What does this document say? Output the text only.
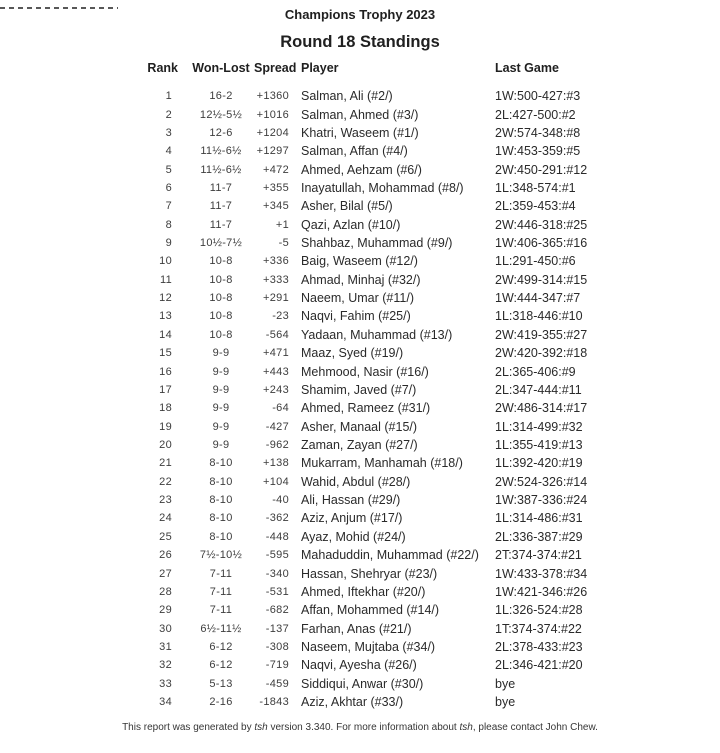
Champions Trophy 2023
Round 18 Standings
Rank	Won-Lost Spread Player	Last Game
1	16-2	+1360 Salman, Ali (#2/)	1W:500-427:#3
2	12½-5½	+1016 Salman, Ahmed (#3/)	2L:427-500:#2
3	12-6	+1204 Khatri, Waseem (#1/)	2W:574-348:#8
4	11½-6½	+1297 Salman, Affan (#4/)	1W:453-359:#5
5	11½-6½	+472 Ahmed, Aehzam (#6/)	2W:450-291:#12
6	11-7	+355 Inayatullah, Mohammad (#8/)	1L:348-574:#1
7	11-7	+345 Asher, Bilal (#5/)	2L:359-453:#4
8	11-7	+1 Qazi, Azlan (#10/)	2W:446-318:#25
9	10½-7½	-5 Shahbaz, Muhammad (#9/)	1W:406-365:#16
10	10-8	+336 Baig, Waseem (#12/)	1L:291-450:#6
11	10-8	+333 Ahmad, Minhaj (#32/)	2W:499-314:#15
12	10-8	+291 Naeem, Umar (#11/)	1W:444-347:#7
13	10-8	-23 Naqvi, Fahim (#25/)	1L:318-446:#10
14	10-8	-564 Yadaan, Muhammad (#13/)	2W:419-355:#27
15	9-9	+471 Maaz, Syed (#19/)	2W:420-392:#18
16	9-9	+443 Mehmood, Nasir (#16/)	2L:365-406:#9
17	9-9	+243 Shamim, Javed (#7/)	2L:347-444:#11
18	9-9	-64 Ahmed, Rameez (#31/)	2W:486-314:#17
19	9-9	-427 Asher, Manaal (#15/)	1L:314-499:#32
20	9-9	-962 Zaman, Zayan (#27/)	1L:355-419:#13
21	8-10	+138 Mukarram, Manhamah (#18/)	1L:392-420:#19
22	8-10	+104 Wahid, Abdul (#28/)	2W:524-326:#14
23	8-10	-40 Ali, Hassan (#29/)	1W:387-336:#24
24	8-10	-362 Aziz, Anjum (#17/)	1L:314-486:#31
25	8-10	-448 Ayaz, Mohid (#24/)	2L:336-387:#29
26	7½-10½	-595 Mahaduddin, Muhammad (#22/)	2T:374-374:#21
27	7-11	-340 Hassan, Shehryar (#23/)	1W:433-378:#34
28	7-11	-531 Ahmed, Iftekhar (#20/)	1W:421-346:#26
29	7-11	-682 Affan, Mohammed (#14/)	1L:326-524:#28
30	6½-11½	-137 Farhan, Anas (#21/)	1T:374-374:#22
31	6-12	-308 Naseem, Mujtaba (#34/)	2L:378-433:#23
32	6-12	-719 Naqvi, Ayesha (#26/)	2L:346-421:#20
33	5-13	-459 Siddiqui, Anwar (#30/)	bye
34	2-16	-1843 Aziz, Akhtar (#33/)	bye
This report was generated by tsh version 3.340. For more information about tsh, please contact John Chew.
